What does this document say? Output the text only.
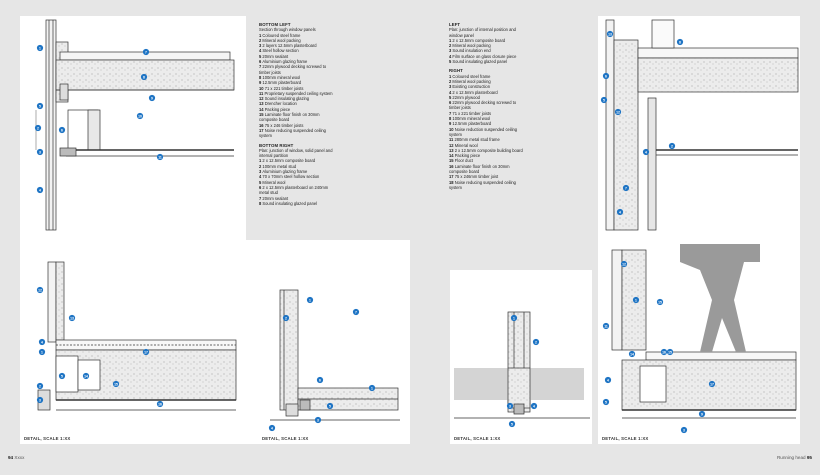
1
7
8
9
10
5
6
3
11
4
2
12
13
4
1	17
5	14
15
16
2
3
1
2
6
1
5
3
4
7
1
2
5
3	4
8
6
5
12
4
7
4
2
13
12
1	15
11
14	16
17
15
9
4
5
3
BOTTOM LEFT
Section through window panels
1 Coloured steel frame
2 Mineral wool packing
3 2 layers 12.5mm plasterboard
4 Steel hollow section
5 20mm sealant
6 Aluminium glazing frame
7 22mm plywood decking screwed to
timber joists
8 100mm mineral wool
9 12.5mm plasterboard
10 71 x 221 timber joists
11 Proprietary suspended ceiling system
12 Sound insulating glazing
13 Drencher location
14 Packing piece
15 Laminate floor finish on 30mm
composite board
16 75 x 246 timber joists
17 Noise reducing suspended ceiling
system
BOTTOM RIGHT
Plan: junction of window, solid panel and
internal partition
1 2 x 12.5mm composite board
2 100mm metal stud
3 Aluminium glazing frame
4 70 x 70mm steel hollow section
5 Mineral wool
6 2 x 12.5mm plasterboard on 240mm
metal stud
7 20mm sealant
8 Sound insulating glazed panel
LEFT
Plan: junction of internal position and
window panel
1 2 x 12.5mm composite board
2 Mineral wool packing
3 Sound insulation end
4 Film surface on glass closure piece
5 Sound insulating glazed panel
RIGHT
1 Coloured steel frame
2 Mineral wool packing
3 Existing construction
4 2 x 12.5mm plasterboard
5 22mm plywood
6 22mm plywood decking screwed to
timber joists
7 71 x 221 timber joists
8 100mm mineral wool
9 12.5mm plasterboard
10 Noise reduction suspended ceiling
system
11 280mm metal stud frame
12 Mineral wool
13 2 x 12.5mm composite building board
14 Packing piece
15 Floor duct
16 Laminate floor finish on 30mm
composite board
17 75 x 246mm timber joist
18 Noise reducing suspended ceiling
system
DETAIL, SCALE 1:XX	DETAIL, SCALE 1:XX	DETAIL, SCALE 1:XX	DETAIL, SCALE 1:XX
94 Xxxx	Running head 95
